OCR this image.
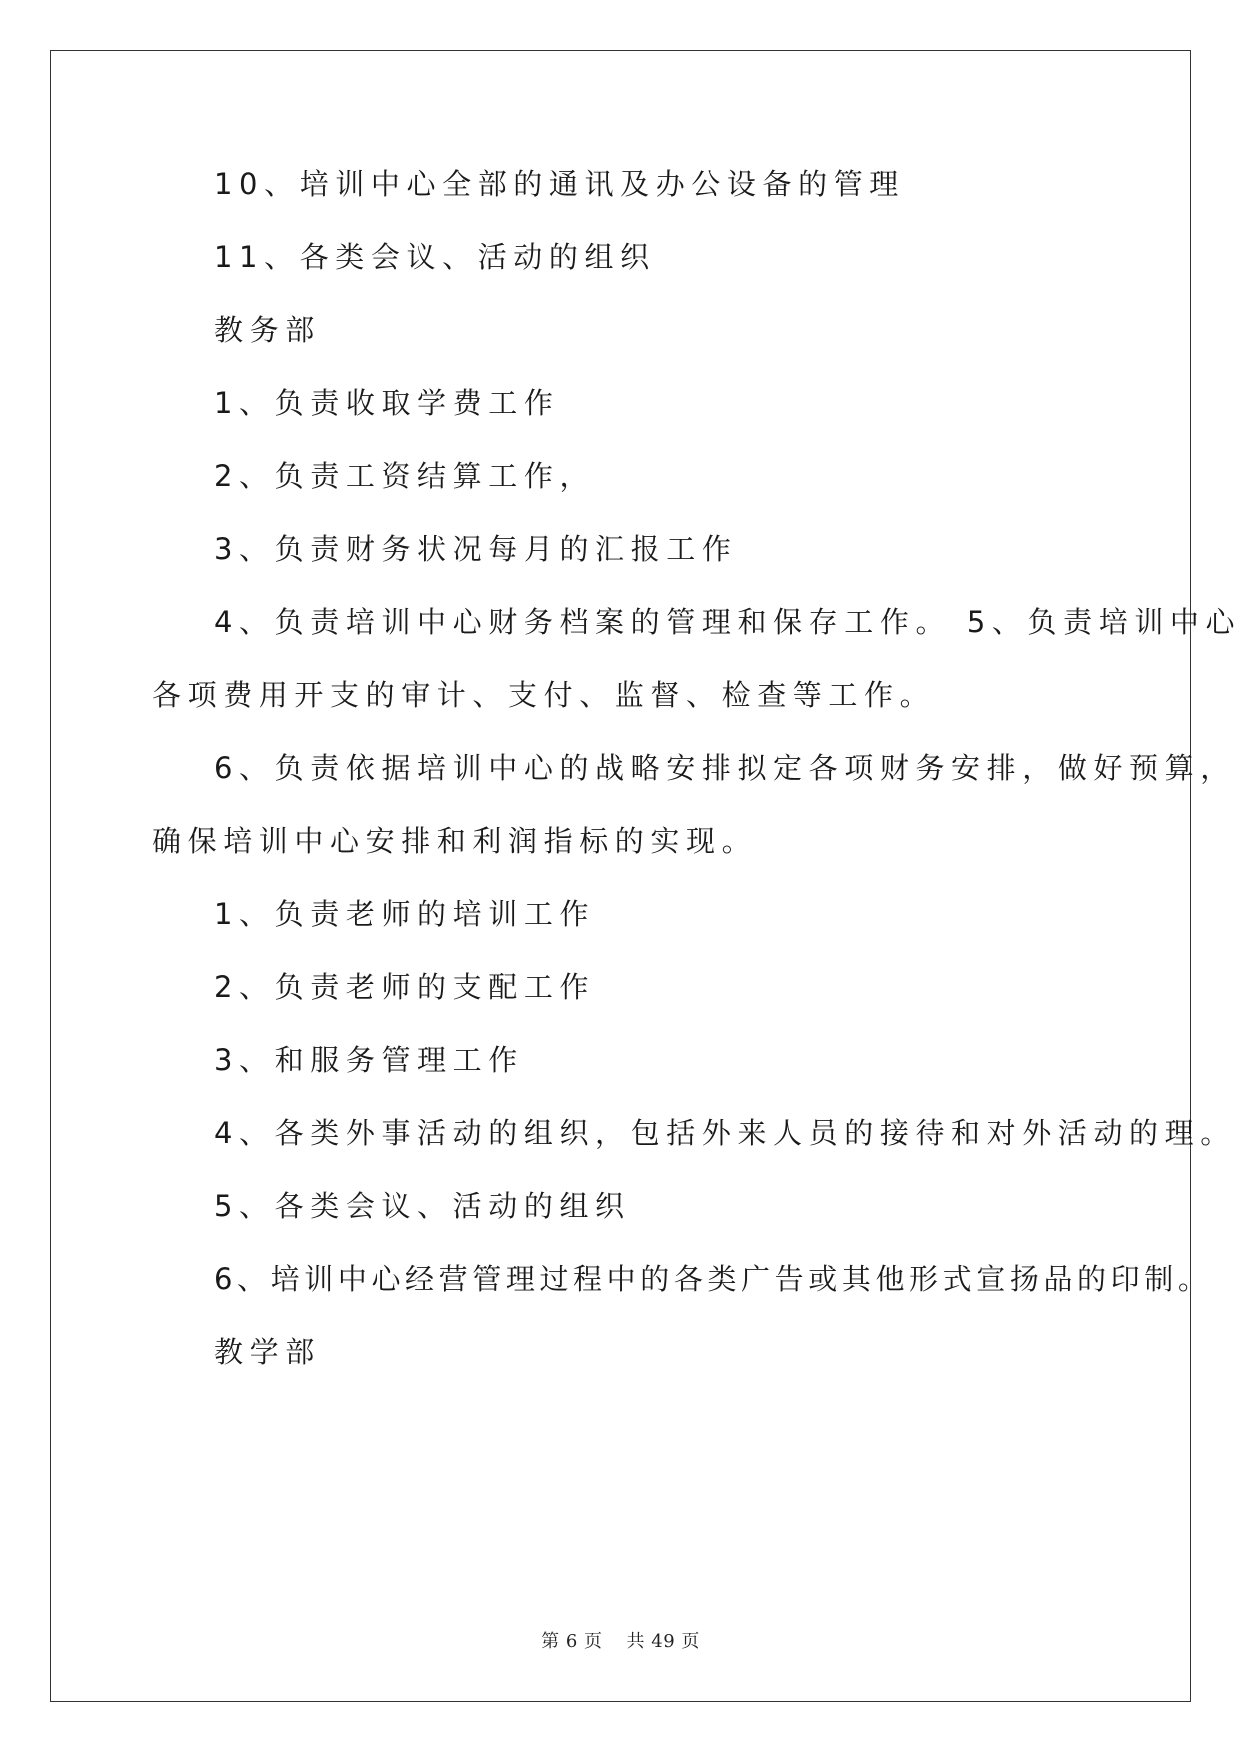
10、培训中心全部的通讯及办公设备的管理

11、各类会议、活动的组织

教务部

1、负责收取学费工作

2、负责工资结算工作，

3、负责财务状况每月的汇报工作

4、负责培训中心财务档案的管理和保存工作。 5、负责培训中心

各项费用开支的审计、支付、监督、检查等工作。

6、负责依据培训中心的战略安排拟定各项财务安排，做好预算，

确保培训中心安排和利润指标的实现。

1、负责老师的培训工作

2、负责老师的支配工作

3、和服务管理工作

4、各类外事活动的组织，包括外来人员的接待和对外活动的理。

5、各类会议、活动的组织

6、培训中心经营管理过程中的各类广告或其他形式宣扬品的印制。

教学部

第 6 页 共 49 页
